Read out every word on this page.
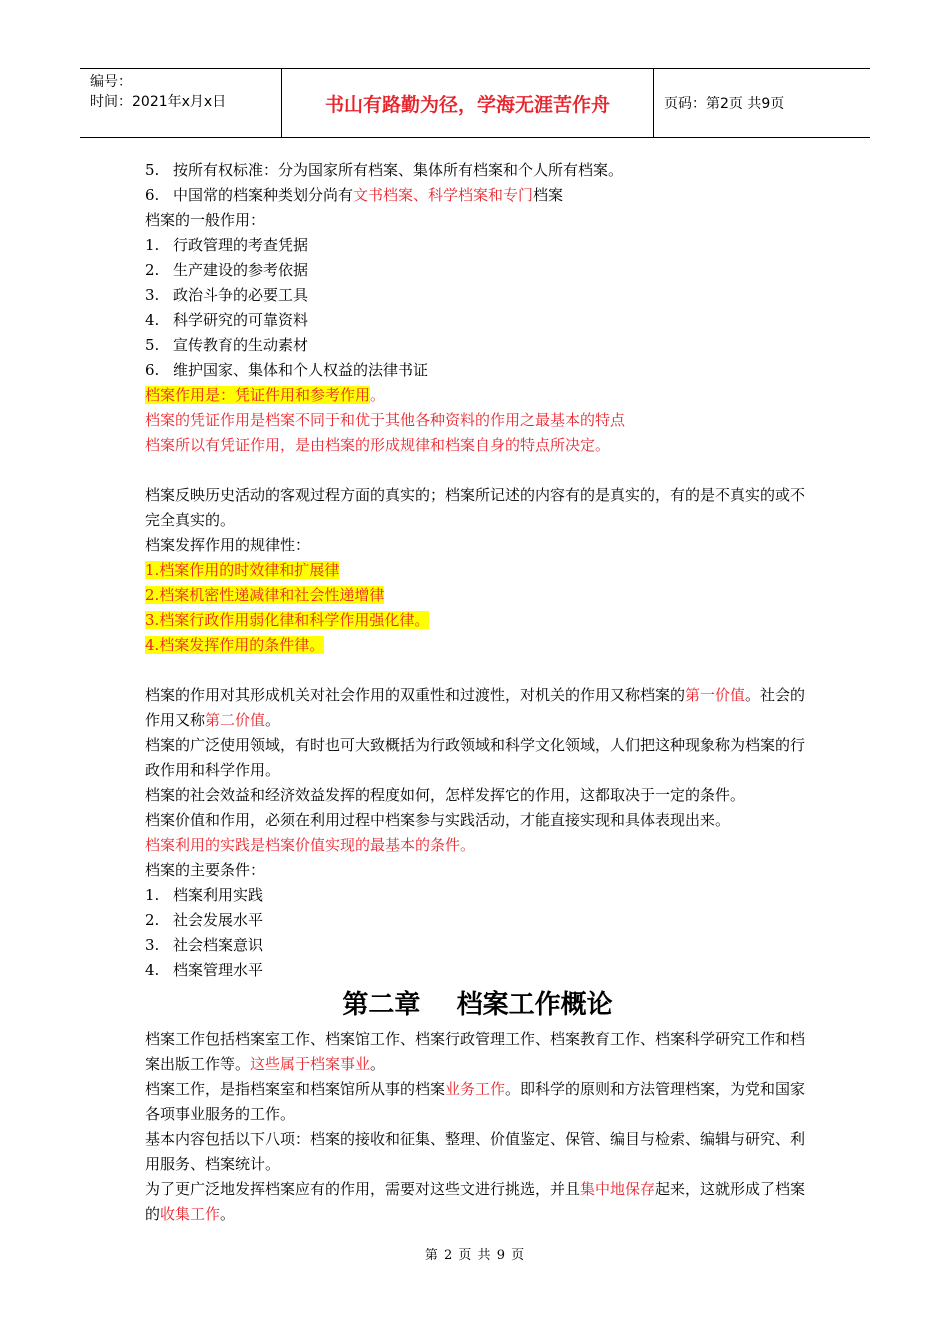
编号：
时间：2021年x月x日	书山有路勤为径，学海无涯苦作舟	页码：第2页 共9页

5. 按所有权标准：分为国家所有档案、集体所有档案和个人所有档案。

6. 中国常的档案种类划分尚有文书档案、科学档案和专门档案

档案的一般作用：

1. 行政管理的考查凭据

2. 生产建设的参考依据

3. 政治斗争的必要工具

4. 科学研究的可靠资料

5. 宣传教育的生动素材

6. 维护国家、集体和个人权益的法律书证

档案作用是：凭证件用和参考作用。

档案的凭证作用是档案不同于和优于其他各种资料的作用之最基本的特点

档案所以有凭证作用，是由档案的形成规律和档案自身的特点所决定。

档案反映历史活动的客观过程方面的真实的；档案所记述的内容有的是真实的，有的是不真实的或不完全真实的。

档案发挥作用的规律性：

1.档案作用的时效律和扩展律

2.档案机密性递减律和社会性递增律

3.档案行政作用弱化律和科学作用强化律。

4.档案发挥作用的条件律。

档案的作用对其形成机关对社会作用的双重性和过渡性，对机关的作用又称档案的第一价值。社会的作用又称第二价值。

档案的广泛使用领域，有时也可大致概括为行政领域和科学文化领域，人们把这种现象称为档案的行政作用和科学作用。

档案的社会效益和经济效益发挥的程度如何，怎样发挥它的作用，这都取决于一定的条件。

档案价值和作用，必须在利用过程中档案参与实践活动，才能直接实现和具体表现出来。

档案利用的实践是档案价值实现的最基本的条件。

档案的主要条件：

1. 档案利用实践

2. 社会发展水平

3. 社会档案意识

4. 档案管理水平

第二章    档案工作概论

档案工作包括档案室工作、档案馆工作、档案行政管理工作、档案教育工作、档案科学研究工作和档案出版工作等。这些属于档案事业。

档案工作，是指档案室和档案馆所从事的档案业务工作。即科学的原则和方法管理档案，为党和国家各项事业服务的工作。

基本内容包括以下八项：档案的接收和征集、整理、价值鉴定、保管、编目与检索、编辑与研究、利用服务、档案统计。

为了更广泛地发挥档案应有的作用，需要对这些文进行挑选，并且集中地保存起来，这就形成了档案的收集工作。

第 2 页 共 9 页
